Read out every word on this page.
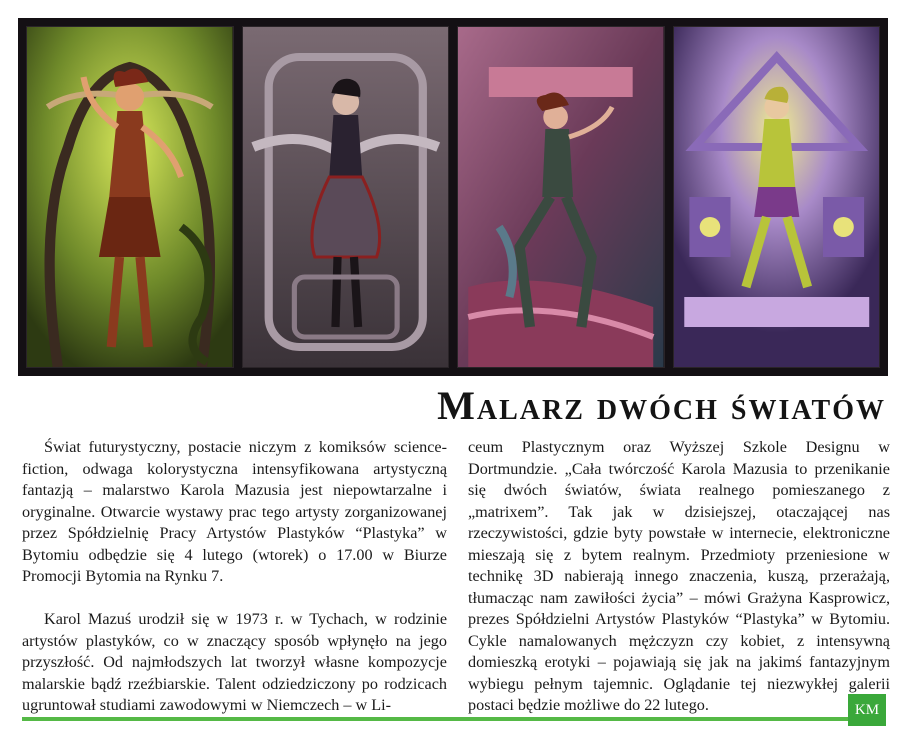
Malarz dwóch światów

Świat futurystyczny, postacie niczym z komiksów science-fiction, odwaga kolorystyczna intensyfikowana artystyczną fantazją – malarstwo Karola Mazusia jest niepowtarzalne i oryginalne. Otwarcie wystawy prac tego artysty zorganizowanej przez Spółdzielnię Pracy Artystów Plastyków “Plastyka” w Bytomiu odbędzie się 4 lutego (wtorek) o 17.00 w Biurze Promocji Bytomia na Rynku 7.

Karol Mazuś urodził się w 1973 r. w Tychach, w rodzinie artystów plastyków, co w znaczący sposób wpłynęło na jego przyszłość. Od najmłodszych lat tworzył własne kompozycje malarskie bądź rzeźbiarskie. Talent odziedziczony po rodzicach ugruntował studiami zawodowymi w Niemczech – w Li-

ceum Plastycznym oraz Wyższej Szkole Designu w Dortmundzie. „Cała twórczość Karola Mazusia to przenikanie się dwóch światów, świata realnego pomieszanego z „matrixem”. Tak jak w dzisiejszej, otaczającej nas rzeczywistości, gdzie byty powstałe w internecie, elektroniczne mieszają się z bytem realnym. Przedmioty przeniesione w technikę 3D nabierają innego znaczenia, kuszą, przerażają, tłumacząc nam zawiłości życia” – mówi Grażyna Kasprowicz, prezes Spółdzielni Artystów Plastyków “Plastyka” w Bytomiu. Cykle namalowanych mężczyzn czy kobiet, z intensywną domieszką erotyki – pojawiają się jak na jakimś fantazyjnym wybiegu pełnym tajemnic. Oglądanie tej niezwykłej galerii postaci będzie możliwe do 22 lutego.	KM
